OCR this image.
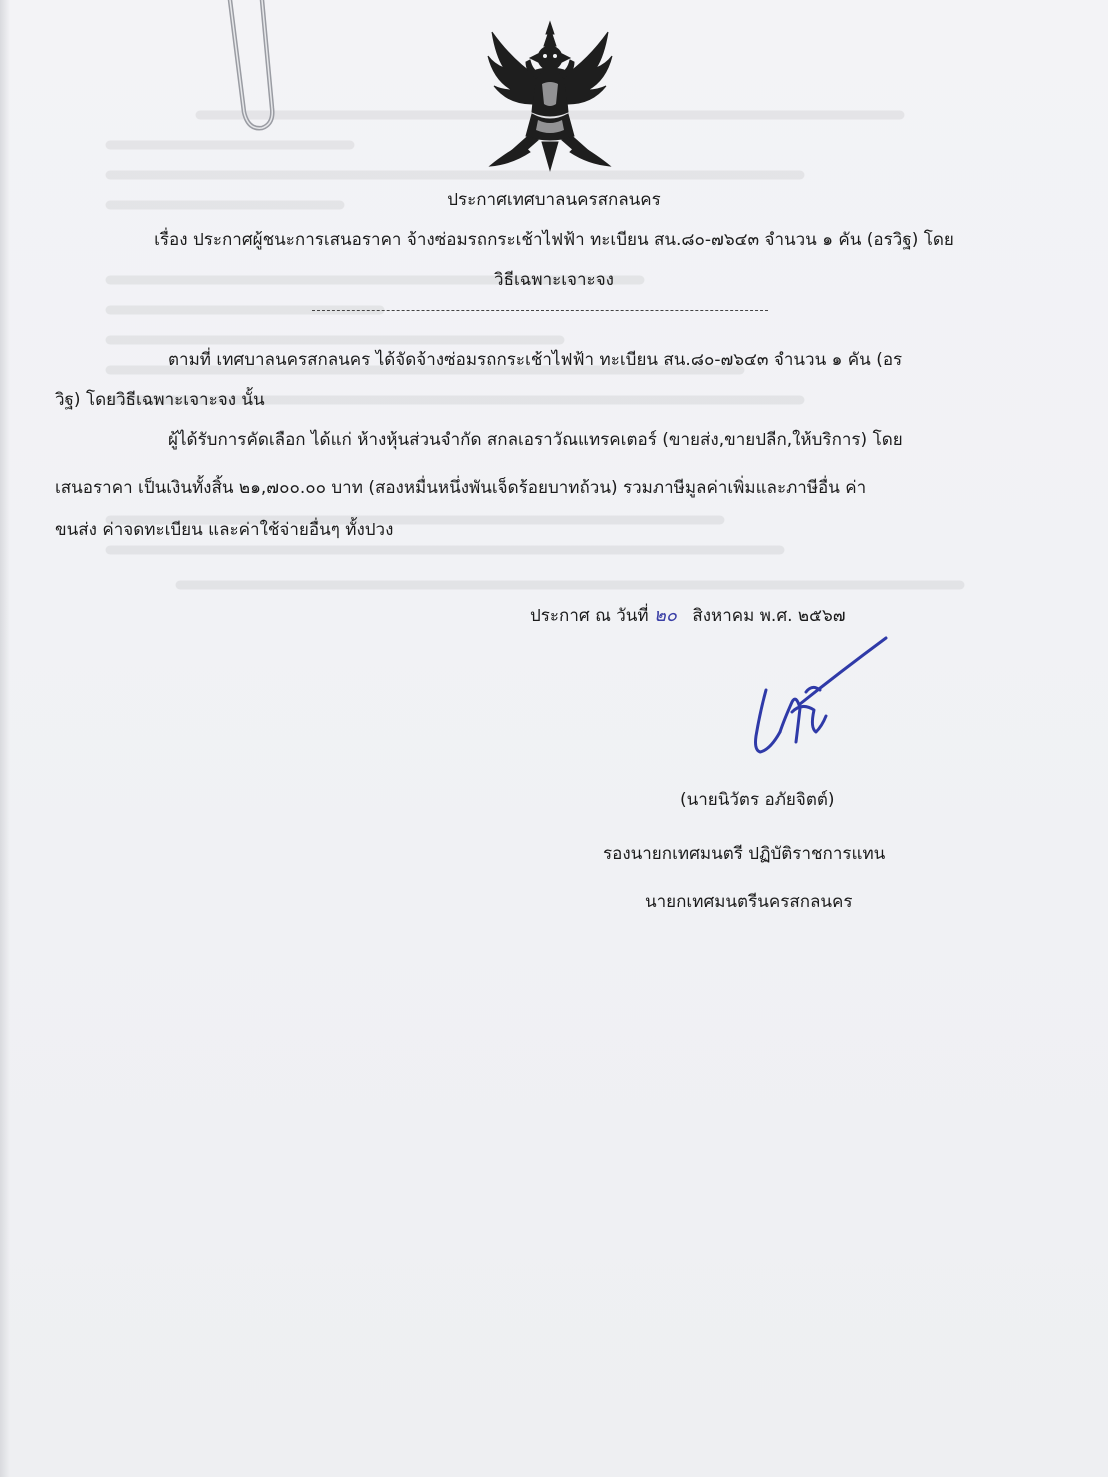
ประกาศเทศบาลนครสกลนคร
เรื่อง ประกาศผู้ชนะการเสนอราคา จ้างซ่อมรถกระเช้าไฟฟ้า ทะเบียน สน.๘๐-๗๖๔๓ จำนวน ๑ คัน (อรวิฐ) โดย
วิธีเฉพาะเจาะจง
ตามที่ เทศบาลนครสกลนคร ได้จัดจ้างซ่อมรถกระเช้าไฟฟ้า ทะเบียน สน.๘๐-๗๖๔๓ จำนวน ๑ คัน (อร
วิฐ) โดยวิธีเฉพาะเจาะจง นั้น
ผู้ได้รับการคัดเลือก ได้แก่ ห้างหุ้นส่วนจำกัด สกลเอราวัณแทรคเตอร์ (ขายส่ง,ขายปลีก,ให้บริการ) โดย
เสนอราคา เป็นเงินทั้งสิ้น ๒๑,๗๐๐.๐๐ บาท (สองหมื่นหนึ่งพันเจ็ดร้อยบาทถ้วน) รวมภาษีมูลค่าเพิ่มและภาษีอื่น ค่า
ขนส่ง ค่าจดทะเบียน และค่าใช้จ่ายอื่นๆ ทั้งปวง
ประกาศ ณ วันที่ ๒๐ สิงหาคม พ.ศ. ๒๕๖๗
(นายนิวัตร อภัยจิตต์)
รองนายกเทศมนตรี ปฏิบัติราชการแทน
นายกเทศมนตรีนครสกลนคร
